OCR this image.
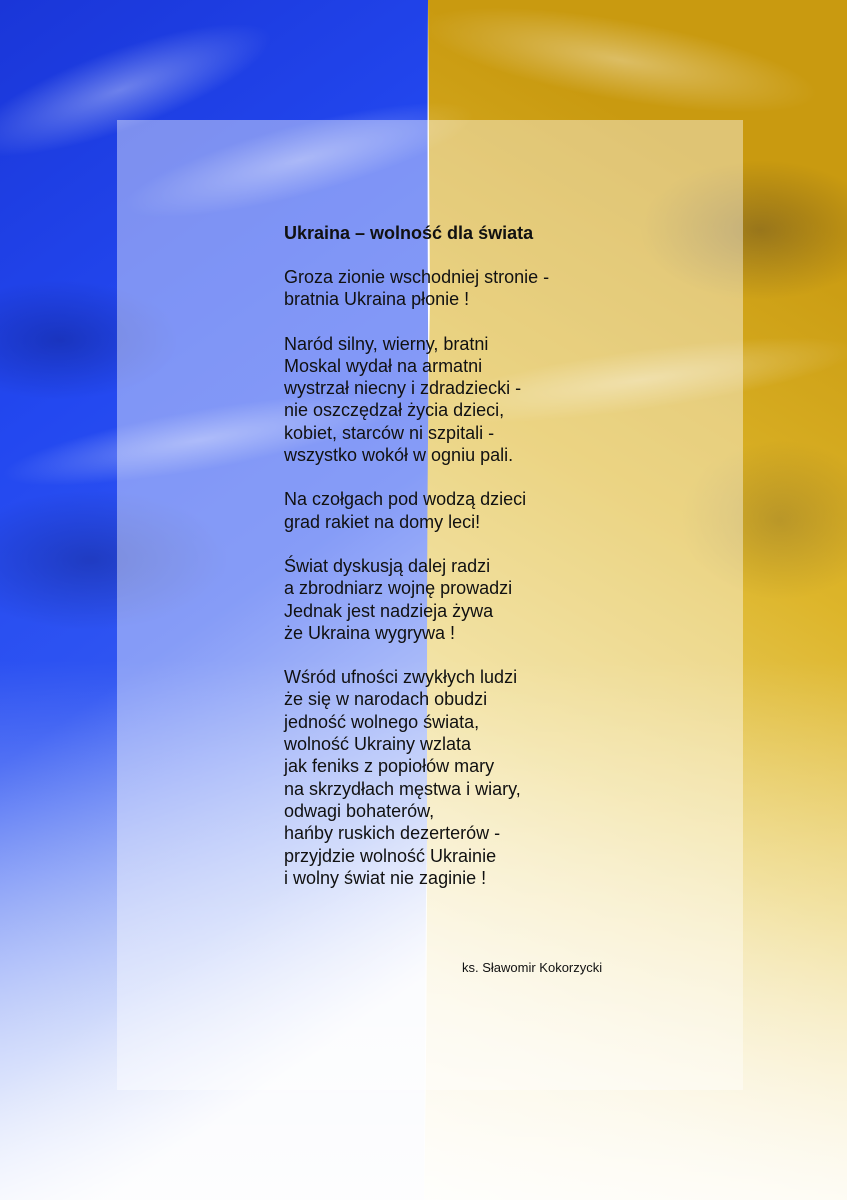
Ukraina – wolność dla świata
Groza zionie wschodniej stronie -
bratnia Ukraina płonie !
Naród silny, wierny, bratni
Moskal wydał na armatni
wystrzał niecny i zdradziecki -
nie oszczędzał życia dzieci,
kobiet, starców ni szpitali -
wszystko wokół w ogniu pali.
Na czołgach pod wodzą dzieci
grad rakiet na domy leci!
Świat dyskusją dalej radzi
a zbrodniarz wojnę prowadzi
Jednak jest nadzieja żywa
że Ukraina wygrywa !
Wśród ufności zwykłych ludzi
że się w narodach obudzi
jedność wolnego świata,
wolność Ukrainy wzlata
jak feniks z popiołów mary
na skrzydłach męstwa i wiary,
odwagi bohaterów,
hańby ruskich dezerterów -
przyjdzie wolność Ukrainie
i wolny świat nie zaginie !
ks. Sławomir Kokorzycki
